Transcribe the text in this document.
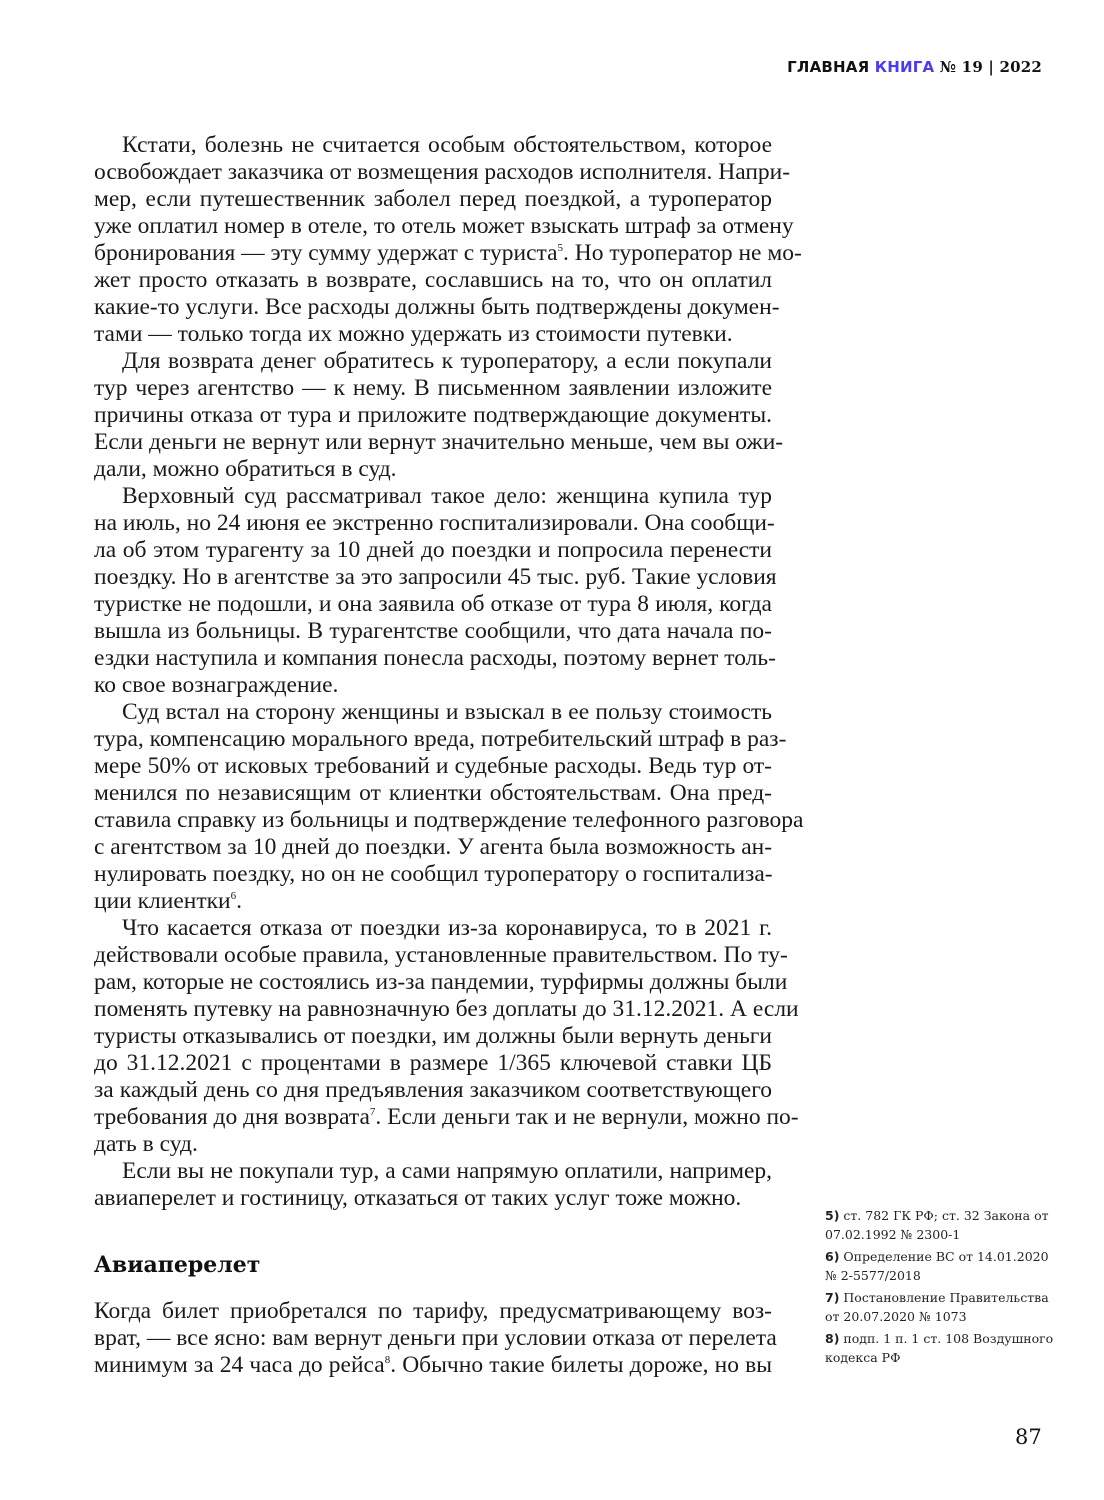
ГЛАВНАЯ КНИГА № 19 | 2022
Кстати, болезнь не считается особым обстоятельством, которое
освобождает заказчика от возмещения расходов исполнителя. Напри-
мер, если путешественник заболел перед поездкой, а туроператор
уже оплатил номер в отеле, то отель может взыскать штраф за отмену
бронирования — эту сумму удержат с туриста$^5$. Но туроператор не мо-
жет просто отказать в возврате, сославшись на то, что он оплатил
какие-то услуги. Все расходы должны быть подтверждены докумен-
тами — только тогда их можно удержать из стоимости путевки.
Для возврата денег обратитесь к туроператору, а если покупали
тур через агентство — к нему. В письменном заявлении изложите
причины отказа от тура и приложите подтверждающие документы.
Если деньги не вернут или вернут значительно меньше, чем вы ожи-
дали, можно обратиться в суд.
Верховный суд рассматривал такое дело: женщина купила тур
на июль, но 24 июня ее экстренно госпитализировали. Она сообщи-
ла об этом турагенту за 10 дней до поездки и попросила перенести
поездку. Но в агентстве за это запросили 45 тыс. руб. Такие условия
туристке не подошли, и она заявила об отказе от тура 8 июля, когда
вышла из больницы. В турагентстве сообщили, что дата начала по-
ездки наступила и компания понесла расходы, поэтому вернет толь-
ко свое вознаграждение.
Суд встал на сторону женщины и взыскал в ее пользу стоимость
тура, компенсацию морального вреда, потребительский штраф в раз-
мере 50% от исковых требований и судебные расходы. Ведь тур от-
менился по независящим от клиентки обстоятельствам. Она пред-
ставила справку из больницы и подтверждение телефонного разговора
с агентством за 10 дней до поездки. У агента была возможность ан-
нулировать поездку, но он не сообщил туроператору о госпитализа-
ции клиентки$^6$.
Что касается отказа от поездки из-за коронавируса, то в 2021 г.
действовали особые правила, установленные правительством. По ту-
рам, которые не состоялись из-за пандемии, турфирмы должны были
поменять путевку на равнозначную без доплаты до 31.12.2021. А если
туристы отказывались от поездки, им должны были вернуть деньги
до 31.12.2021 с процентами в размере 1/365 ключевой ставки ЦБ
за каждый день со дня предъявления заказчиком соответствующего
требования до дня возврата$^7$. Если деньги так и не вернули, можно по-
дать в суд.
Если вы не покупали тур, а сами напрямую оплатили, например,
авиаперелет и гостиницу, отказаться от таких услуг тоже можно.
Авиаперелет
Когда билет приобретался по тарифу, предусматривающему воз-
врат, — все ясно: вам вернут деньги при условии отказа от перелета
минимум за 24 часа до рейса$^8$. Обычно такие билеты дороже, но вы
5) ст. 782 ГК РФ; ст. 32 Закона от 07.02.1992 № 2300-1
6) Определение ВС от 14.01.2020 № 2-5577/2018
7) Постановление Правительства от 20.07.2020 № 1073
8) подп. 1 п. 1 ст. 108 Воздушного кодекса РФ
87
